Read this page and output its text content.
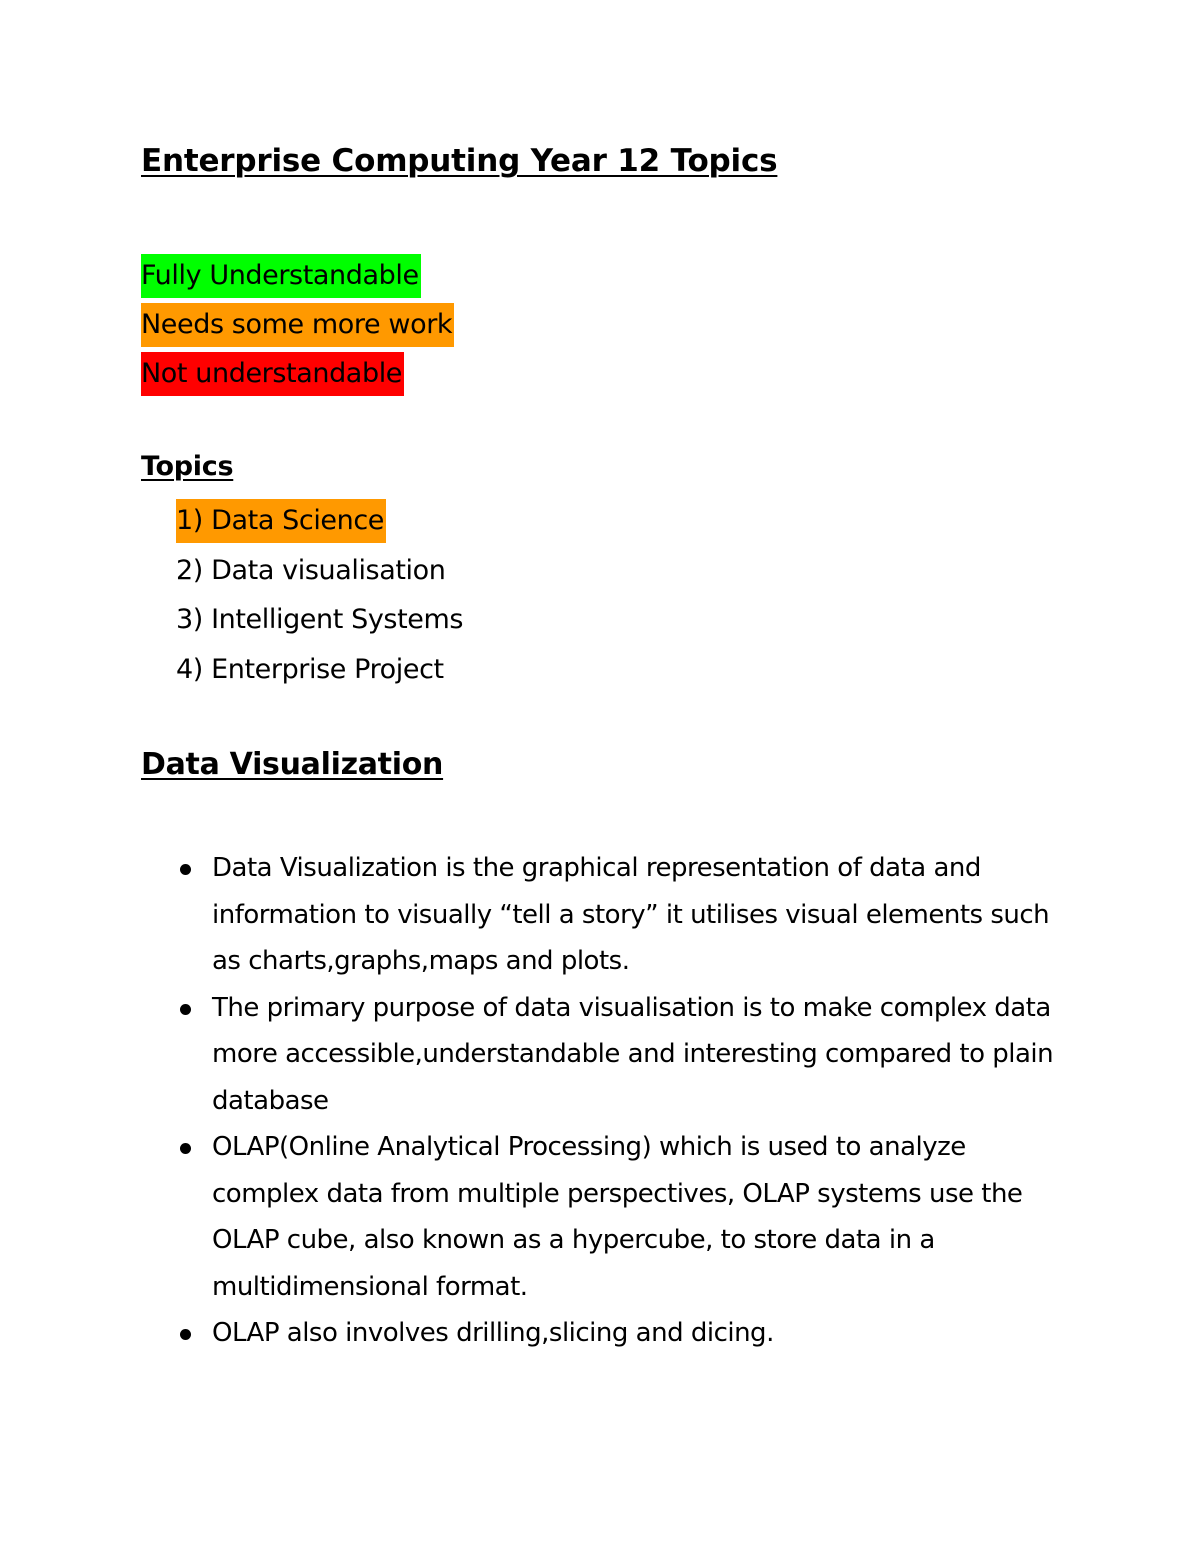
Enterprise Computing Year 12 Topics
Fully Understandable
Needs some more work
Not understandable
Topics
1) Data Science
2) Data visualisation
3) Intelligent Systems
4) Enterprise Project
Data Visualization
Data Visualization is the graphical representation of data and information to visually “tell a story” it utilises visual elements such as charts,graphs,maps and plots.
The primary purpose of data visualisation is to make complex data more accessible,understandable and interesting compared to plain database
OLAP(Online Analytical Processing) which is used to analyze complex data from multiple perspectives, OLAP systems use the OLAP cube, also known as a hypercube, to store data in a multidimensional format.
OLAP also involves drilling,slicing and dicing.
